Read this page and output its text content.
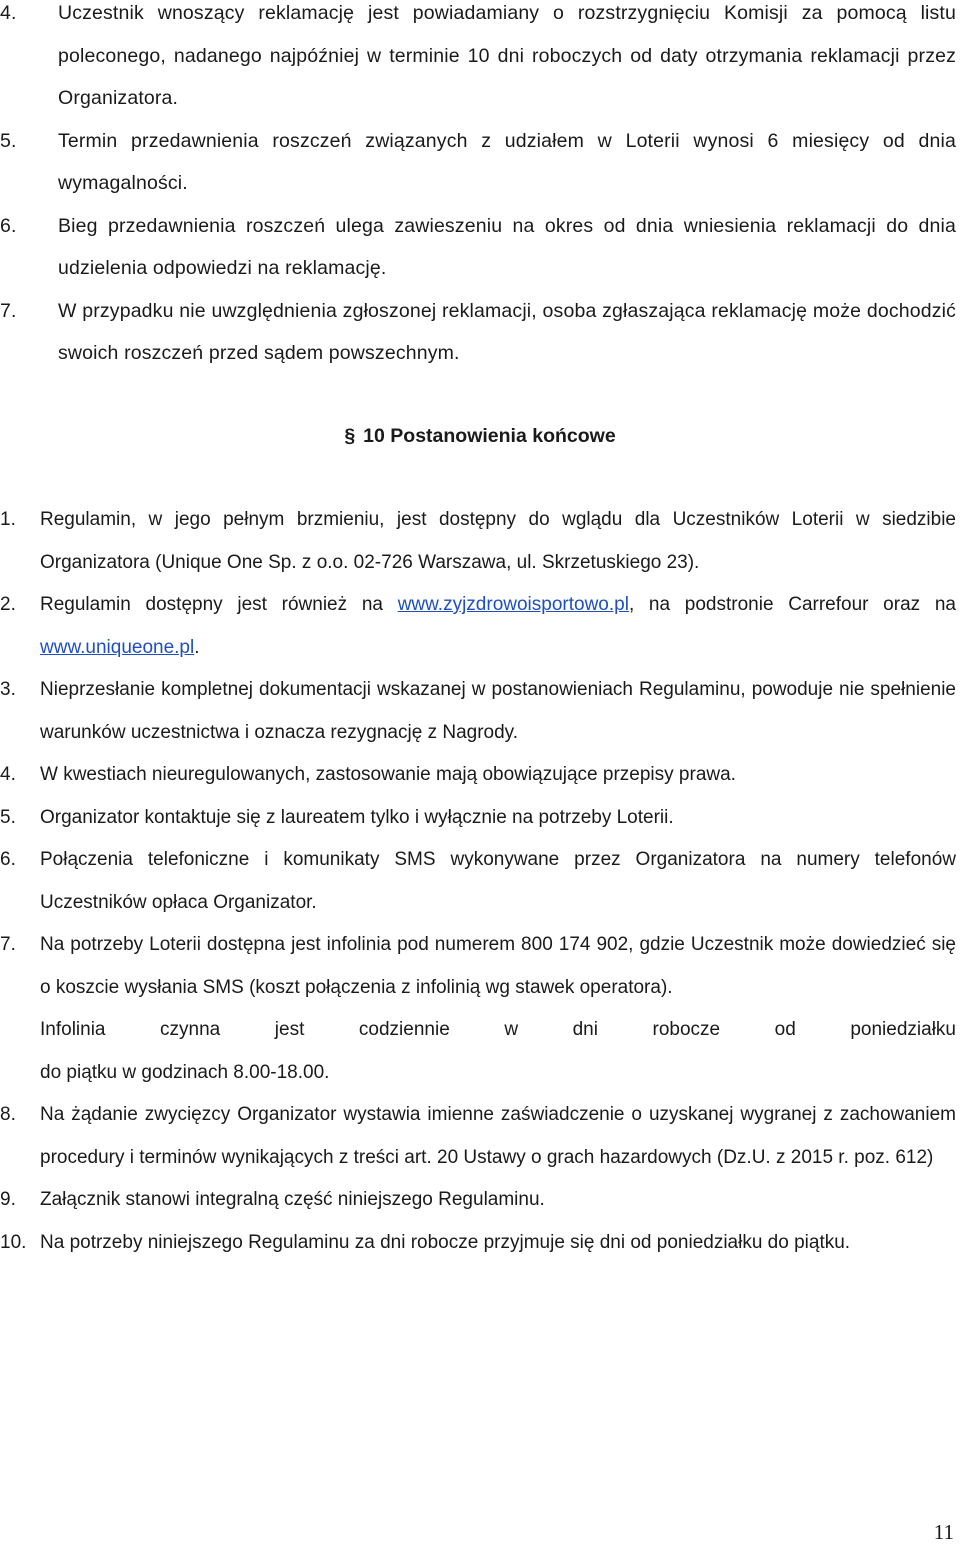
4. Uczestnik wnoszący reklamację jest powiadamiany o rozstrzygnięciu Komisji za pomocą listu poleconego, nadanego najpóźniej w terminie 10 dni roboczych od daty otrzymania reklamacji przez Organizatora.
5. Termin przedawnienia roszczeń związanych z udziałem w Loterii wynosi 6 miesięcy od dnia wymagalności.
6. Bieg przedawnienia roszczeń ulega zawieszeniu na okres od dnia wniesienia reklamacji do dnia udzielenia odpowiedzi na reklamację.
7. W przypadku nie uwzględnienia zgłoszonej reklamacji, osoba zgłaszająca reklamację może dochodzić swoich roszczeń przed sądem powszechnym.
§ 10 Postanowienia końcowe
1. Regulamin, w jego pełnym brzmieniu, jest dostępny do wglądu dla Uczestników Loterii w siedzibie Organizatora (Unique One Sp. z o.o. 02-726 Warszawa, ul. Skrzetuskiego 23).
2. Regulamin dostępny jest również na www.zyjzdrowoisportowo.pl, na podstronie Carrefour oraz na www.uniqueone.pl.
3. Nieprzesłanie kompletnej dokumentacji wskazanej w postanowieniach Regulaminu, powoduje nie spełnienie warunków uczestnictwa i oznacza rezygnację z Nagrody.
4. W kwestiach nieuregulowanych, zastosowanie mają obowiązujące przepisy prawa.
5. Organizator kontaktuje się z laureatem tylko i wyłącznie na potrzeby Loterii.
6. Połączenia telefoniczne i komunikaty SMS wykonywane przez Organizatora na numery telefonów Uczestników opłaca Organizator.
7. Na potrzeby Loterii dostępna jest infolinia pod numerem 800 174 902, gdzie Uczestnik może dowiedzieć się o koszcie wysłania SMS (koszt połączenia z infolinią wg stawek operatora).
Infolinia	czynna	jest	codziennie	w	dni	robocze	od	poniedziałku
do piątku w godzinach 8.00-18.00.
8. Na żądanie zwycięzcy Organizator wystawia imienne zaświadczenie o uzyskanej wygranej z zachowaniem procedury i terminów wynikających z treści art. 20 Ustawy o grach hazardowych (Dz.U. z 2015 r. poz. 612)
9. Załącznik stanowi integralną część niniejszego Regulaminu.
10. Na potrzeby niniejszego Regulaminu za dni robocze przyjmuje się dni od poniedziałku do piątku.
11
